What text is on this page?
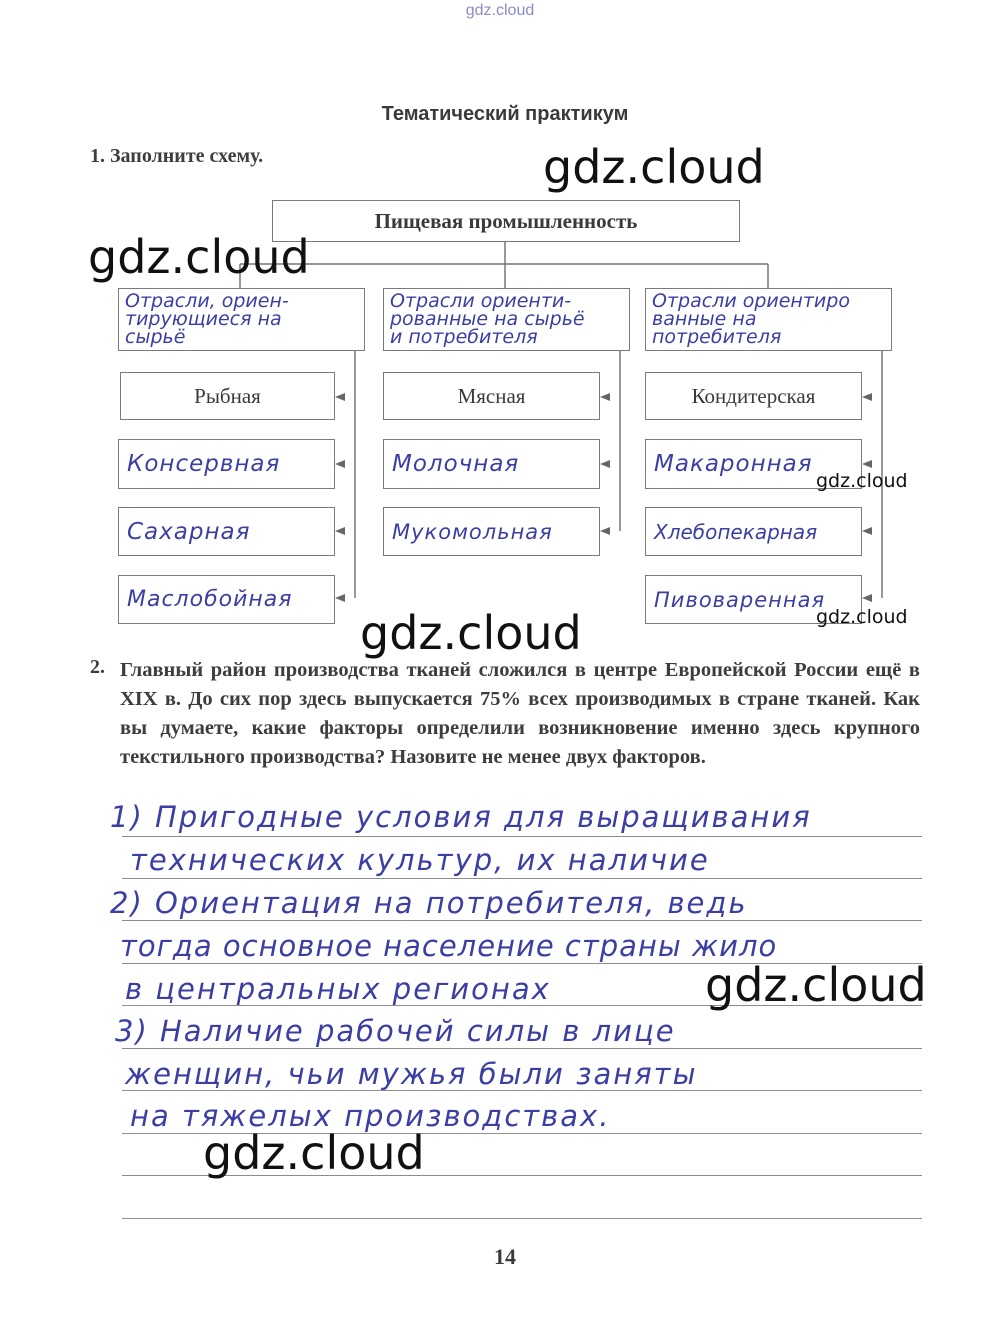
gdz.cloud
Тематический практикум
1. Заполните схему.
Пищевая промышленность
Отрасли, ориен-
тирующиеся на
сырьё
Отрасли ориенти-
рованные на сырьё
и потребителя
Отрасли ориентиро
ванные на
потребителя
Рыбная
Консервная
Сахарная
Маслобойная
Мясная
Молочная
Мукомольная
Кондитерская
Макаронная
Хлебопекарная
Пивоваренная
2. Главный район производства тканей сложился в центре Европейской России ещё в XIX в. До сих пор здесь выпускается 75% всех производимых в стране тканей. Как вы думаете, какие факторы определили возникновение именно здесь крупного текстильного производства? Назовите не менее двух факторов.
1) Пригодные условия для выращивания
технических культур, их наличие
2) Ориентация на потребителя, ведь
тогда основное население страны жило
в центральных регионах
3) Наличие рабочей силы в лице
женщин, чьи мужья были заняты
на тяжелых производствах.
14
gdz.cloud
gdz.cloud
gdz.cloud
gdz.cloud	gdz.cloud
gdz.cloud
gdz.cloud
